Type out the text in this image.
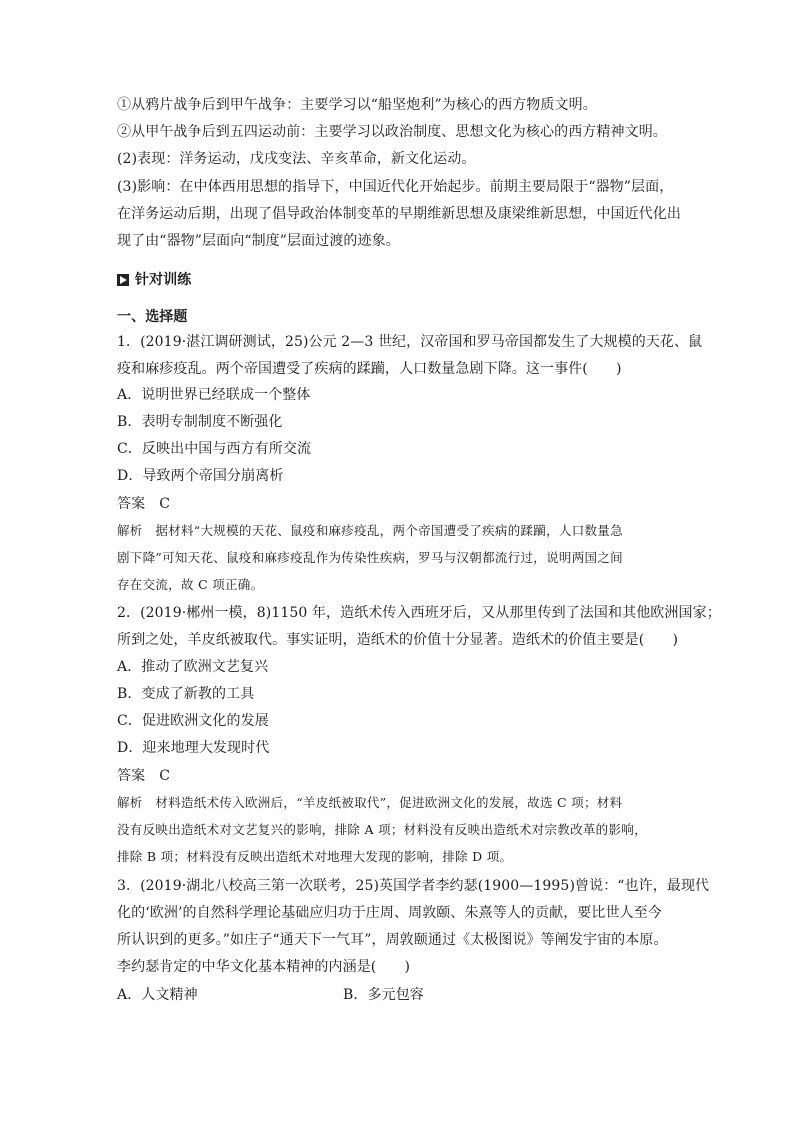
①从鸦片战争后到甲午战争：主要学习以“船坚炮利”为核心的西方物质文明。

②从甲午战争后到五四运动前：主要学习以政治制度、思想文化为核心的西方精神文明。

(2)表现：洋务运动，戊戌变法、辛亥革命，新文化运动。

(3)影响：在中体西用思想的指导下，中国近代化开始起步。前期主要局限于“器物”层面，

在洋务运动后期，出现了倡导政治体制变革的早期维新思想及康梁维新思想，中国近代化出

现了由“器物”层面向“制度”层面过渡的迹象。

针对训练

一、选择题

1．(2019·湛江调研测试，25)公元 2—3 世纪，汉帝国和罗马帝国都发生了大规模的天花、鼠

疫和麻疹疫乱。两个帝国遭受了疾病的蹂躏，人口数量急剧下降。这一事件(　　)

A．说明世界已经联成一个整体

B．表明专制制度不断强化

C．反映出中国与西方有所交流

D．导致两个帝国分崩离析

答案　C

解析　据材料“大规模的天花、鼠疫和麻疹疫乱，两个帝国遭受了疾病的蹂躏，人口数量急

剧下降”可知天花、鼠疫和麻疹疫乱作为传染性疾病，罗马与汉朝都流行过，说明两国之间

存在交流，故 C 项正确。

2．(2019·郴州一模，8)1150 年，造纸术传入西班牙后，又从那里传到了法国和其他欧洲国家；

所到之处，羊皮纸被取代。事实证明，造纸术的价值十分显著。造纸术的价值主要是(　　)

A．推动了欧洲文艺复兴

B．变成了新教的工具

C．促进欧洲文化的发展

D．迎来地理大发现时代

答案　C

解析　材料造纸术传入欧洲后，“羊皮纸被取代”，促进欧洲文化的发展，故选 C 项；材料

没有反映出造纸术对文艺复兴的影响，排除 A 项；材料没有反映出造纸术对宗教改革的影响，

排除 B 项；材料没有反映出造纸术对地理大发现的影响，排除 D 项。

3．(2019·湖北八校高三第一次联考，25)英国学者李约瑟(1900—1995)曾说：“也许，最现代

化的‘欧洲’的自然科学理论基础应归功于庄周、周敦颐、朱熹等人的贡献，要比世人至今

所认识到的更多。”如庄子“通天下一气耳”，周敦颐通过《太极图说》等阐发宇宙的本原。

李约瑟肯定的中华文化基本精神的内涵是(　　)

A．人文精神	B．多元包容
